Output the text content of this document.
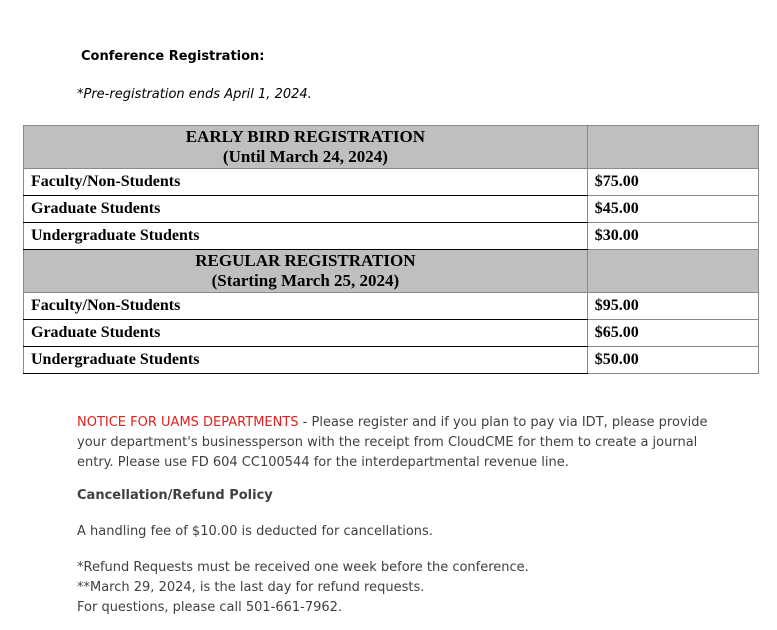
Conference Registration:
*Pre-registration ends April 1, 2024.
EARLY BIRD REGISTRATION
(Until March 24, 2024)	

Faculty/Non-Students	$75.00
Graduate Students	$45.00
Undergraduate Students	$30.00

REGULAR REGISTRATION
(Starting March 25, 2024)	

Faculty/Non-Students	$95.00
Graduate Students	$65.00
Undergraduate Students	$50.00
NOTICE FOR UAMS DEPARTMENTS - Please register and if you plan to pay via IDT, please provide your department's businessperson with the receipt from CloudCME for them to create a journal entry. Please use FD 604 CC100544 for the interdepartmental revenue line.
Cancellation/Refund Policy
A handling fee of $10.00 is deducted for cancellations.
*Refund Requests must be received one week before the conference.
**March 29, 2024, is the last day for refund requests.
For questions, please call 501-661-7962.
